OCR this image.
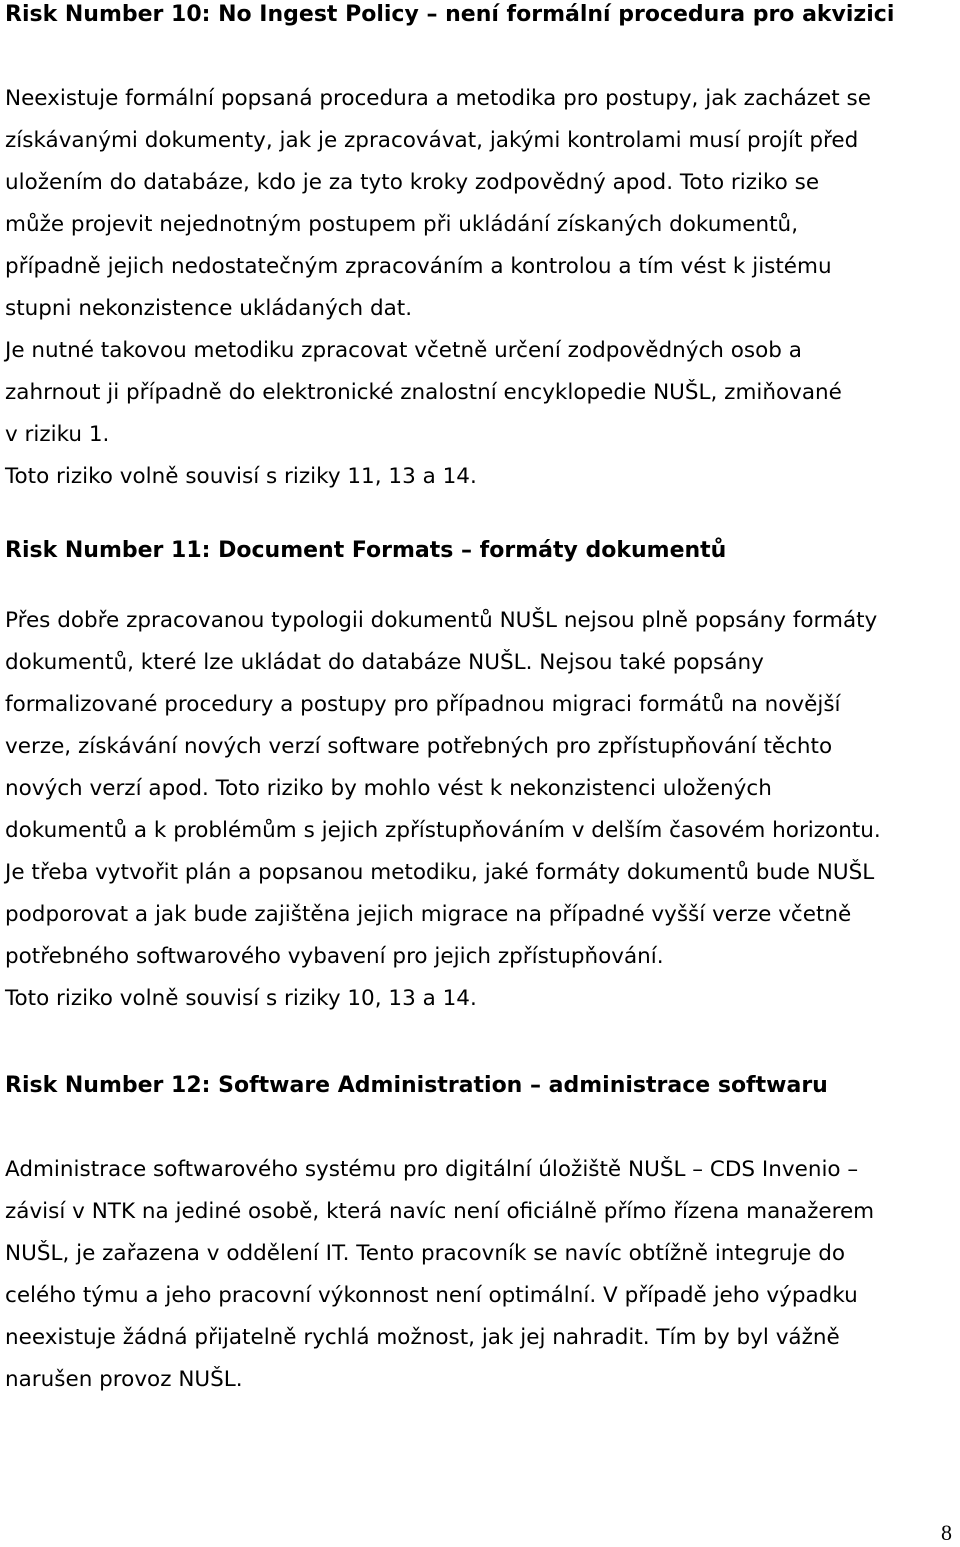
Risk Number 10: No Ingest Policy – není formální procedura pro akvizici

Neexistuje formální popsaná procedura a metodika pro postupy, jak zacházet se
získávanými dokumenty, jak je zpracovávat, jakými kontrolami musí projít před
uložením do databáze, kdo je za tyto kroky zodpovědný apod. Toto riziko se
může projevit nejednotným postupem při ukládání získaných dokumentů,
případně jejich nedostatečným zpracováním a kontrolou a tím vést k jistému
stupni nekonzistence ukládaných dat.

Je nutné takovou metodiku zpracovat včetně určení zodpovědných osob a
zahrnout ji případně do elektronické znalostní encyklopedie NUŠL, zmiňované
v riziku 1.

Toto riziko volně souvisí s riziky 11, 13 a 14.

Risk Number 11: Document Formats – formáty dokumentů

Přes dobře zpracovanou typologii dokumentů NUŠL nejsou plně popsány formáty
dokumentů, které lze ukládat do databáze NUŠL. Nejsou také popsány
formalizované procedury a postupy pro případnou migraci formátů na novější
verze, získávání nových verzí software potřebných pro zpřístupňování těchto
nových verzí apod. Toto riziko by mohlo vést k nekonzistenci uložených
dokumentů a k problémům s jejich zpřístupňováním v delším časovém horizontu.

Je třeba vytvořit plán a popsanou metodiku, jaké formáty dokumentů bude NUŠL
podporovat a jak bude zajištěna jejich migrace na případné vyšší verze včetně
potřebného softwarového vybavení pro jejich zpřístupňování.

Toto riziko volně souvisí s riziky 10, 13 a 14.

Risk Number 12: Software Administration – administrace softwaru

Administrace softwarového systému pro digitální úložiště NUŠL – CDS Invenio –
závisí v NTK na jediné osobě, která navíc není oficiálně přímo řízena manažerem
NUŠL, je zařazena v oddělení IT. Tento pracovník se navíc obtížně integruje do
celého týmu a jeho pracovní výkonnost není optimální. V případě jeho výpadku
neexistuje žádná přijatelně rychlá možnost, jak jej nahradit. Tím by byl vážně
narušen provoz NUŠL.

8
